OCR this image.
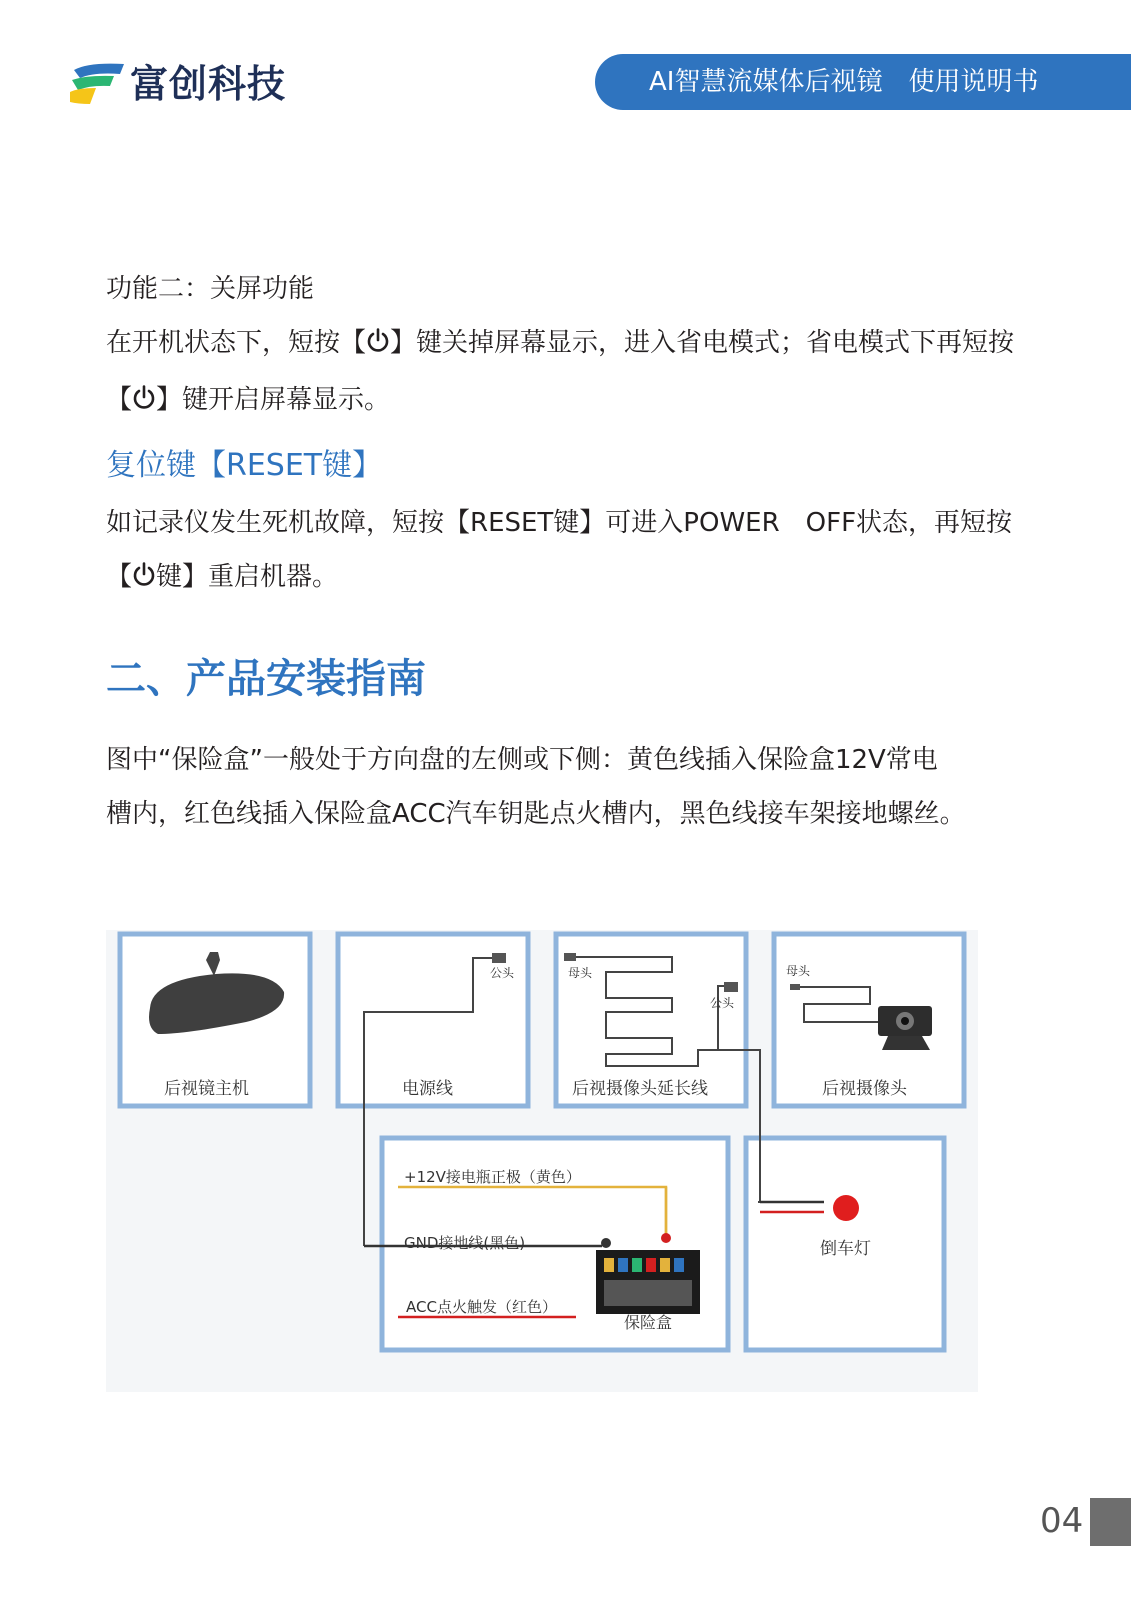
富创科技	AI智慧流媒体后视镜　使用说明书

功能二：关屏功能

在开机状态下，短按【 】键关掉屏幕显示，进入省电模式；省电模式下再短按

【 】键开启屏幕显示。

复位键【RESET键】

如记录仪发生死机故障，短按【RESET键】可进入POWER　OFF状态，再短按

【 键】重启机器。

二、产品安装指南

图中“保险盒”一般处于方向盘的左侧或下侧：黄色线插入保险盒12V常电

槽内，红色线插入保险盒ACC汽车钥匙点火槽内，黑色线接车架接地螺丝。

后视镜主机	电源线	后视摄像头延长线	后视摄像头
倒车灯
公头	母头
公头
母头
+12V接电瓶正极（黄色）
GND接地线(黑色)
ACC点火触发（红色）
保险盒
04
